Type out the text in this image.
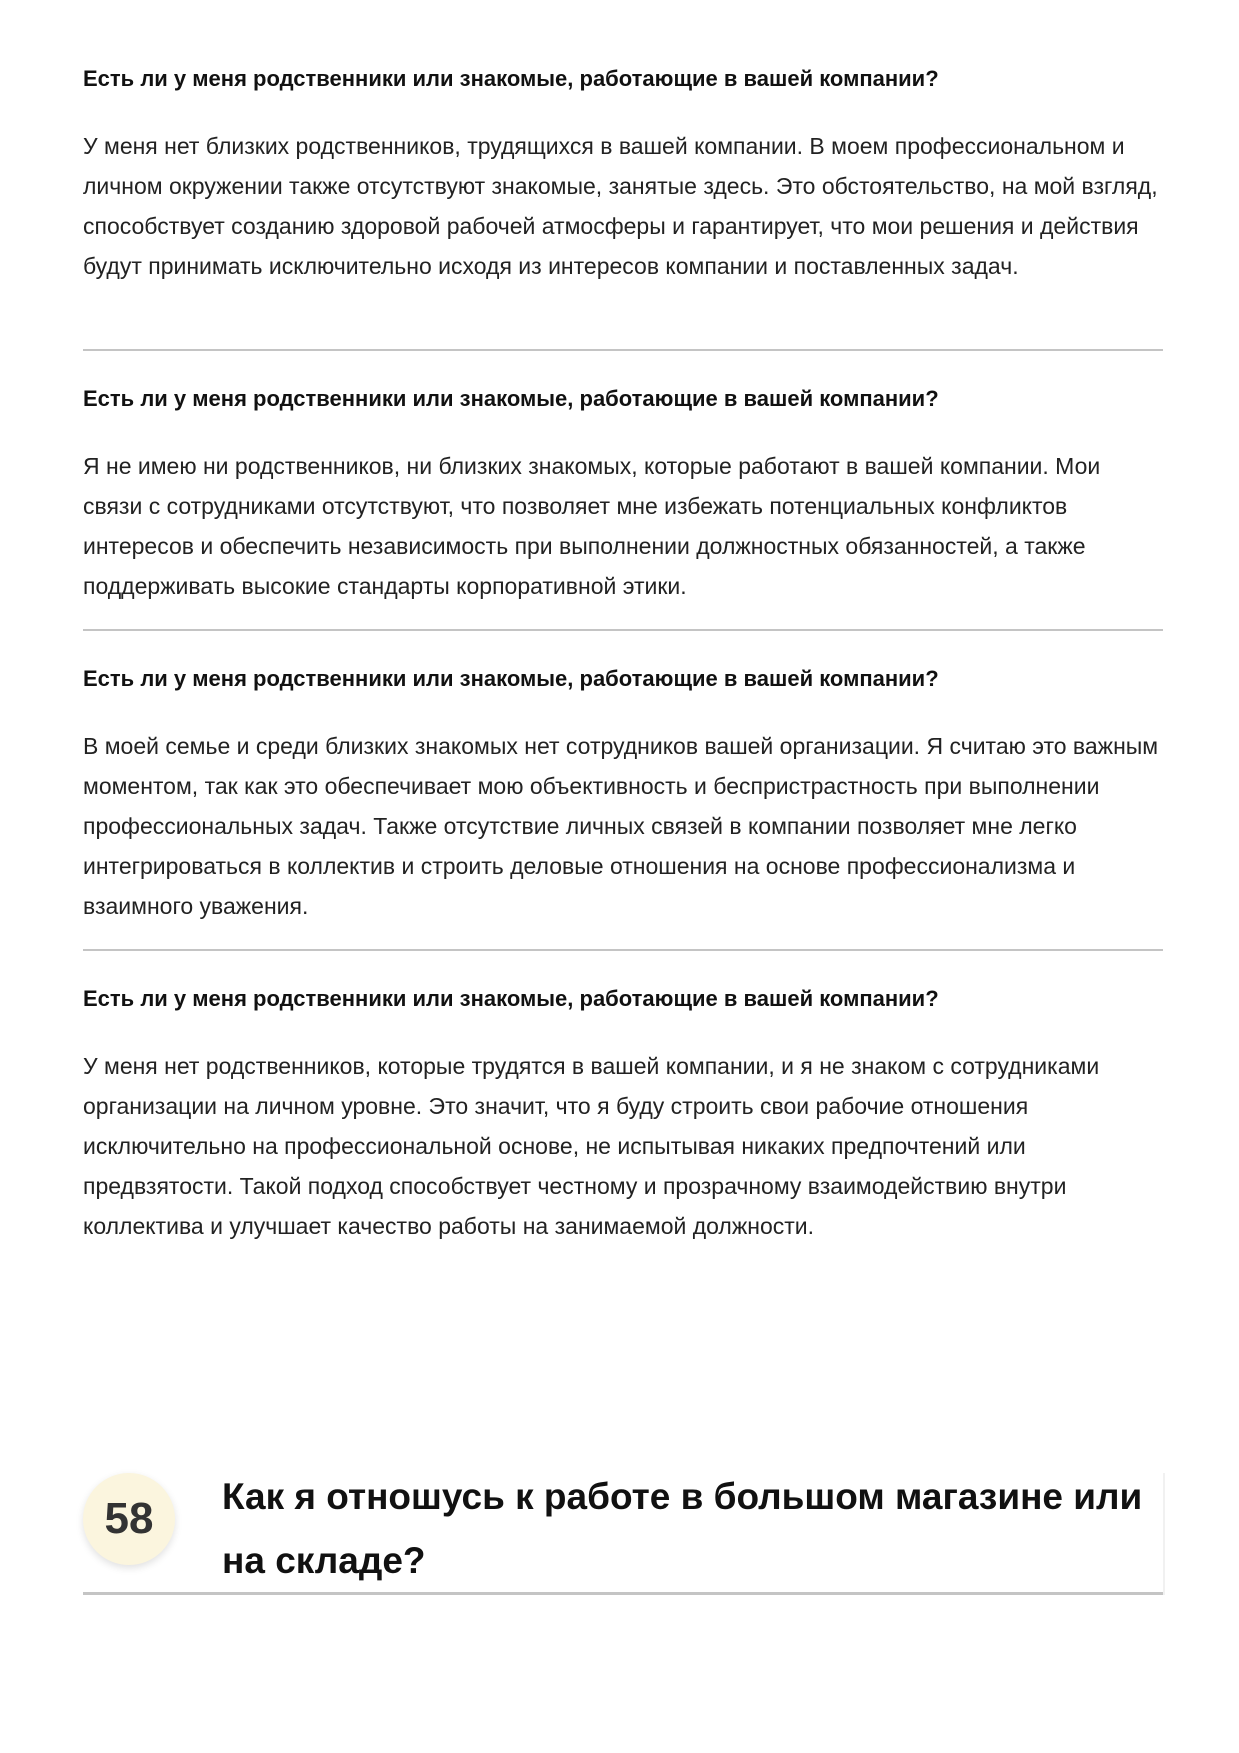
Есть ли у меня родственники или знакомые, работающие в вашей компании?

У меня нет близких родственников, трудящихся в вашей компании. В моем профессиональном и личном окружении также отсутствуют знакомые, занятые здесь. Это обстоятельство, на мой взгляд, способствует созданию здоровой рабочей атмосферы и гарантирует, что мои решения и действия будут принимать исключительно исходя из интересов компании и поставленных задач.

Есть ли у меня родственники или знакомые, работающие в вашей компании?

Я не имею ни родственников, ни близких знакомых, которые работают в вашей компании. Мои связи с сотрудниками отсутствуют, что позволяет мне избежать потенциальных конфликтов интересов и обеспечить независимость при выполнении должностных обязанностей, а также поддерживать высокие стандарты корпоративной этики.

Есть ли у меня родственники или знакомые, работающие в вашей компании?

В моей семье и среди близких знакомых нет сотрудников вашей организации. Я считаю это важным моментом, так как это обеспечивает мою объективность и беспристрастность при выполнении профессиональных задач. Также отсутствие личных связей в компании позволяет мне легко интегрироваться в коллектив и строить деловые отношения на основе профессионализма и взаимного уважения.

Есть ли у меня родственники или знакомые, работающие в вашей компании?

У меня нет родственников, которые трудятся в вашей компании, и я не знаком с сотрудниками организации на личном уровне. Это значит, что я буду строить свои рабочие отношения исключительно на профессиональной основе, не испытывая никаких предпочтений или предвзятости. Такой подход способствует честному и прозрачному взаимодействию внутри коллектива и улучшает качество работы на занимаемой должности.

58	Как я отношусь к работе в большом магазине или на складе?
